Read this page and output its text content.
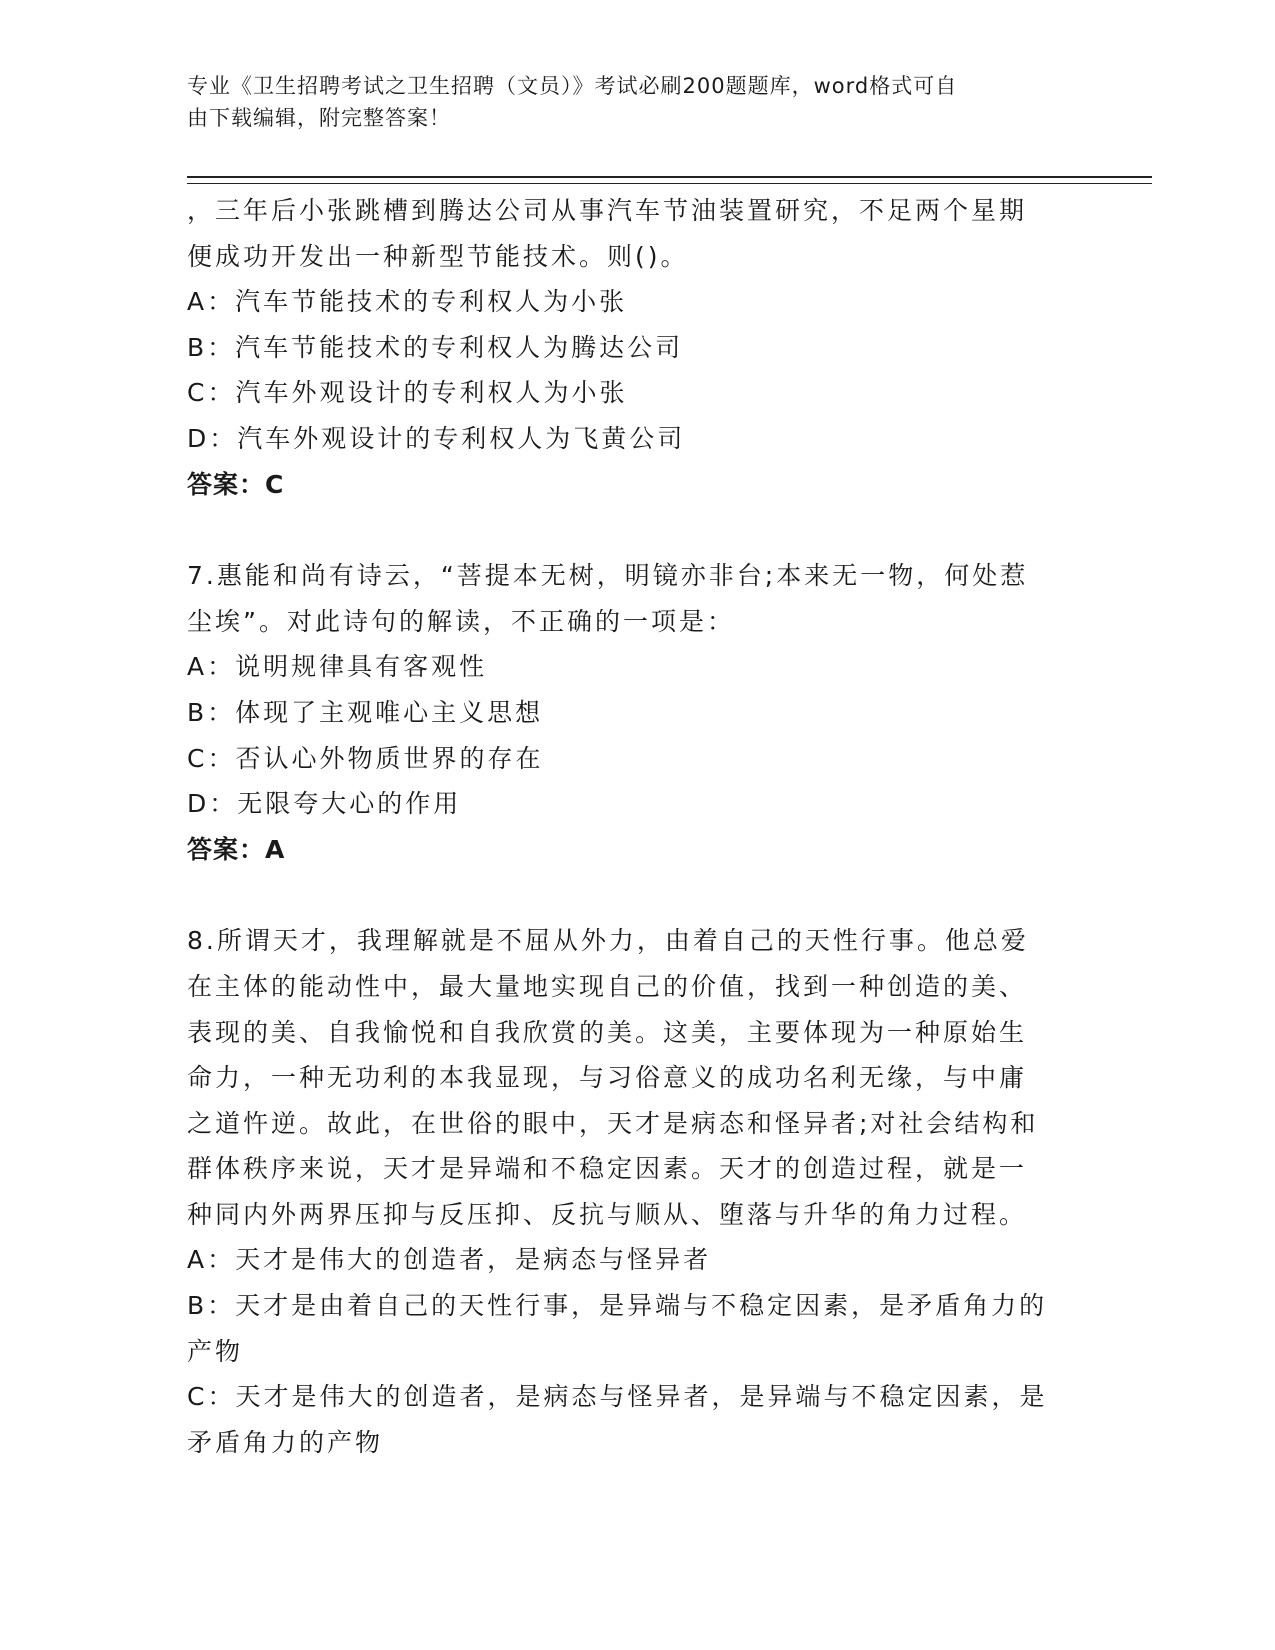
专业《卫生招聘考试之卫生招聘（文员）》考试必刷200题题库，word格式可自
由下载编辑，附完整答案！
，三年后小张跳槽到腾达公司从事汽车节油装置研究，不足两个星期
便成功开发出一种新型节能技术。则()。
A：汽车节能技术的专利权人为小张
B：汽车节能技术的专利权人为腾达公司
C：汽车外观设计的专利权人为小张
D：汽车外观设计的专利权人为飞黄公司
答案：C
7.惠能和尚有诗云，“菩提本无树，明镜亦非台;本来无一物，何处惹
尘埃”。对此诗句的解读，不正确的一项是：
A：说明规律具有客观性
B：体现了主观唯心主义思想
C：否认心外物质世界的存在
D：无限夸大心的作用
答案：A
8.所谓天才，我理解就是不屈从外力，由着自己的天性行事。他总爱
在主体的能动性中，最大量地实现自己的价值，找到一种创造的美、
表现的美、自我愉悦和自我欣赏的美。这美，主要体现为一种原始生
命力，一种无功利的本我显现，与习俗意义的成功名利无缘，与中庸
之道忤逆。故此，在世俗的眼中，天才是病态和怪异者;对社会结构和
群体秩序来说，天才是异端和不稳定因素。天才的创造过程，就是一
种同内外两界压抑与反压抑、反抗与顺从、堕落与升华的角力过程。
A：天才是伟大的创造者，是病态与怪异者
B：天才是由着自己的天性行事，是异端与不稳定因素，是矛盾角力的
产物
C：天才是伟大的创造者，是病态与怪异者，是异端与不稳定因素，是
矛盾角力的产物
